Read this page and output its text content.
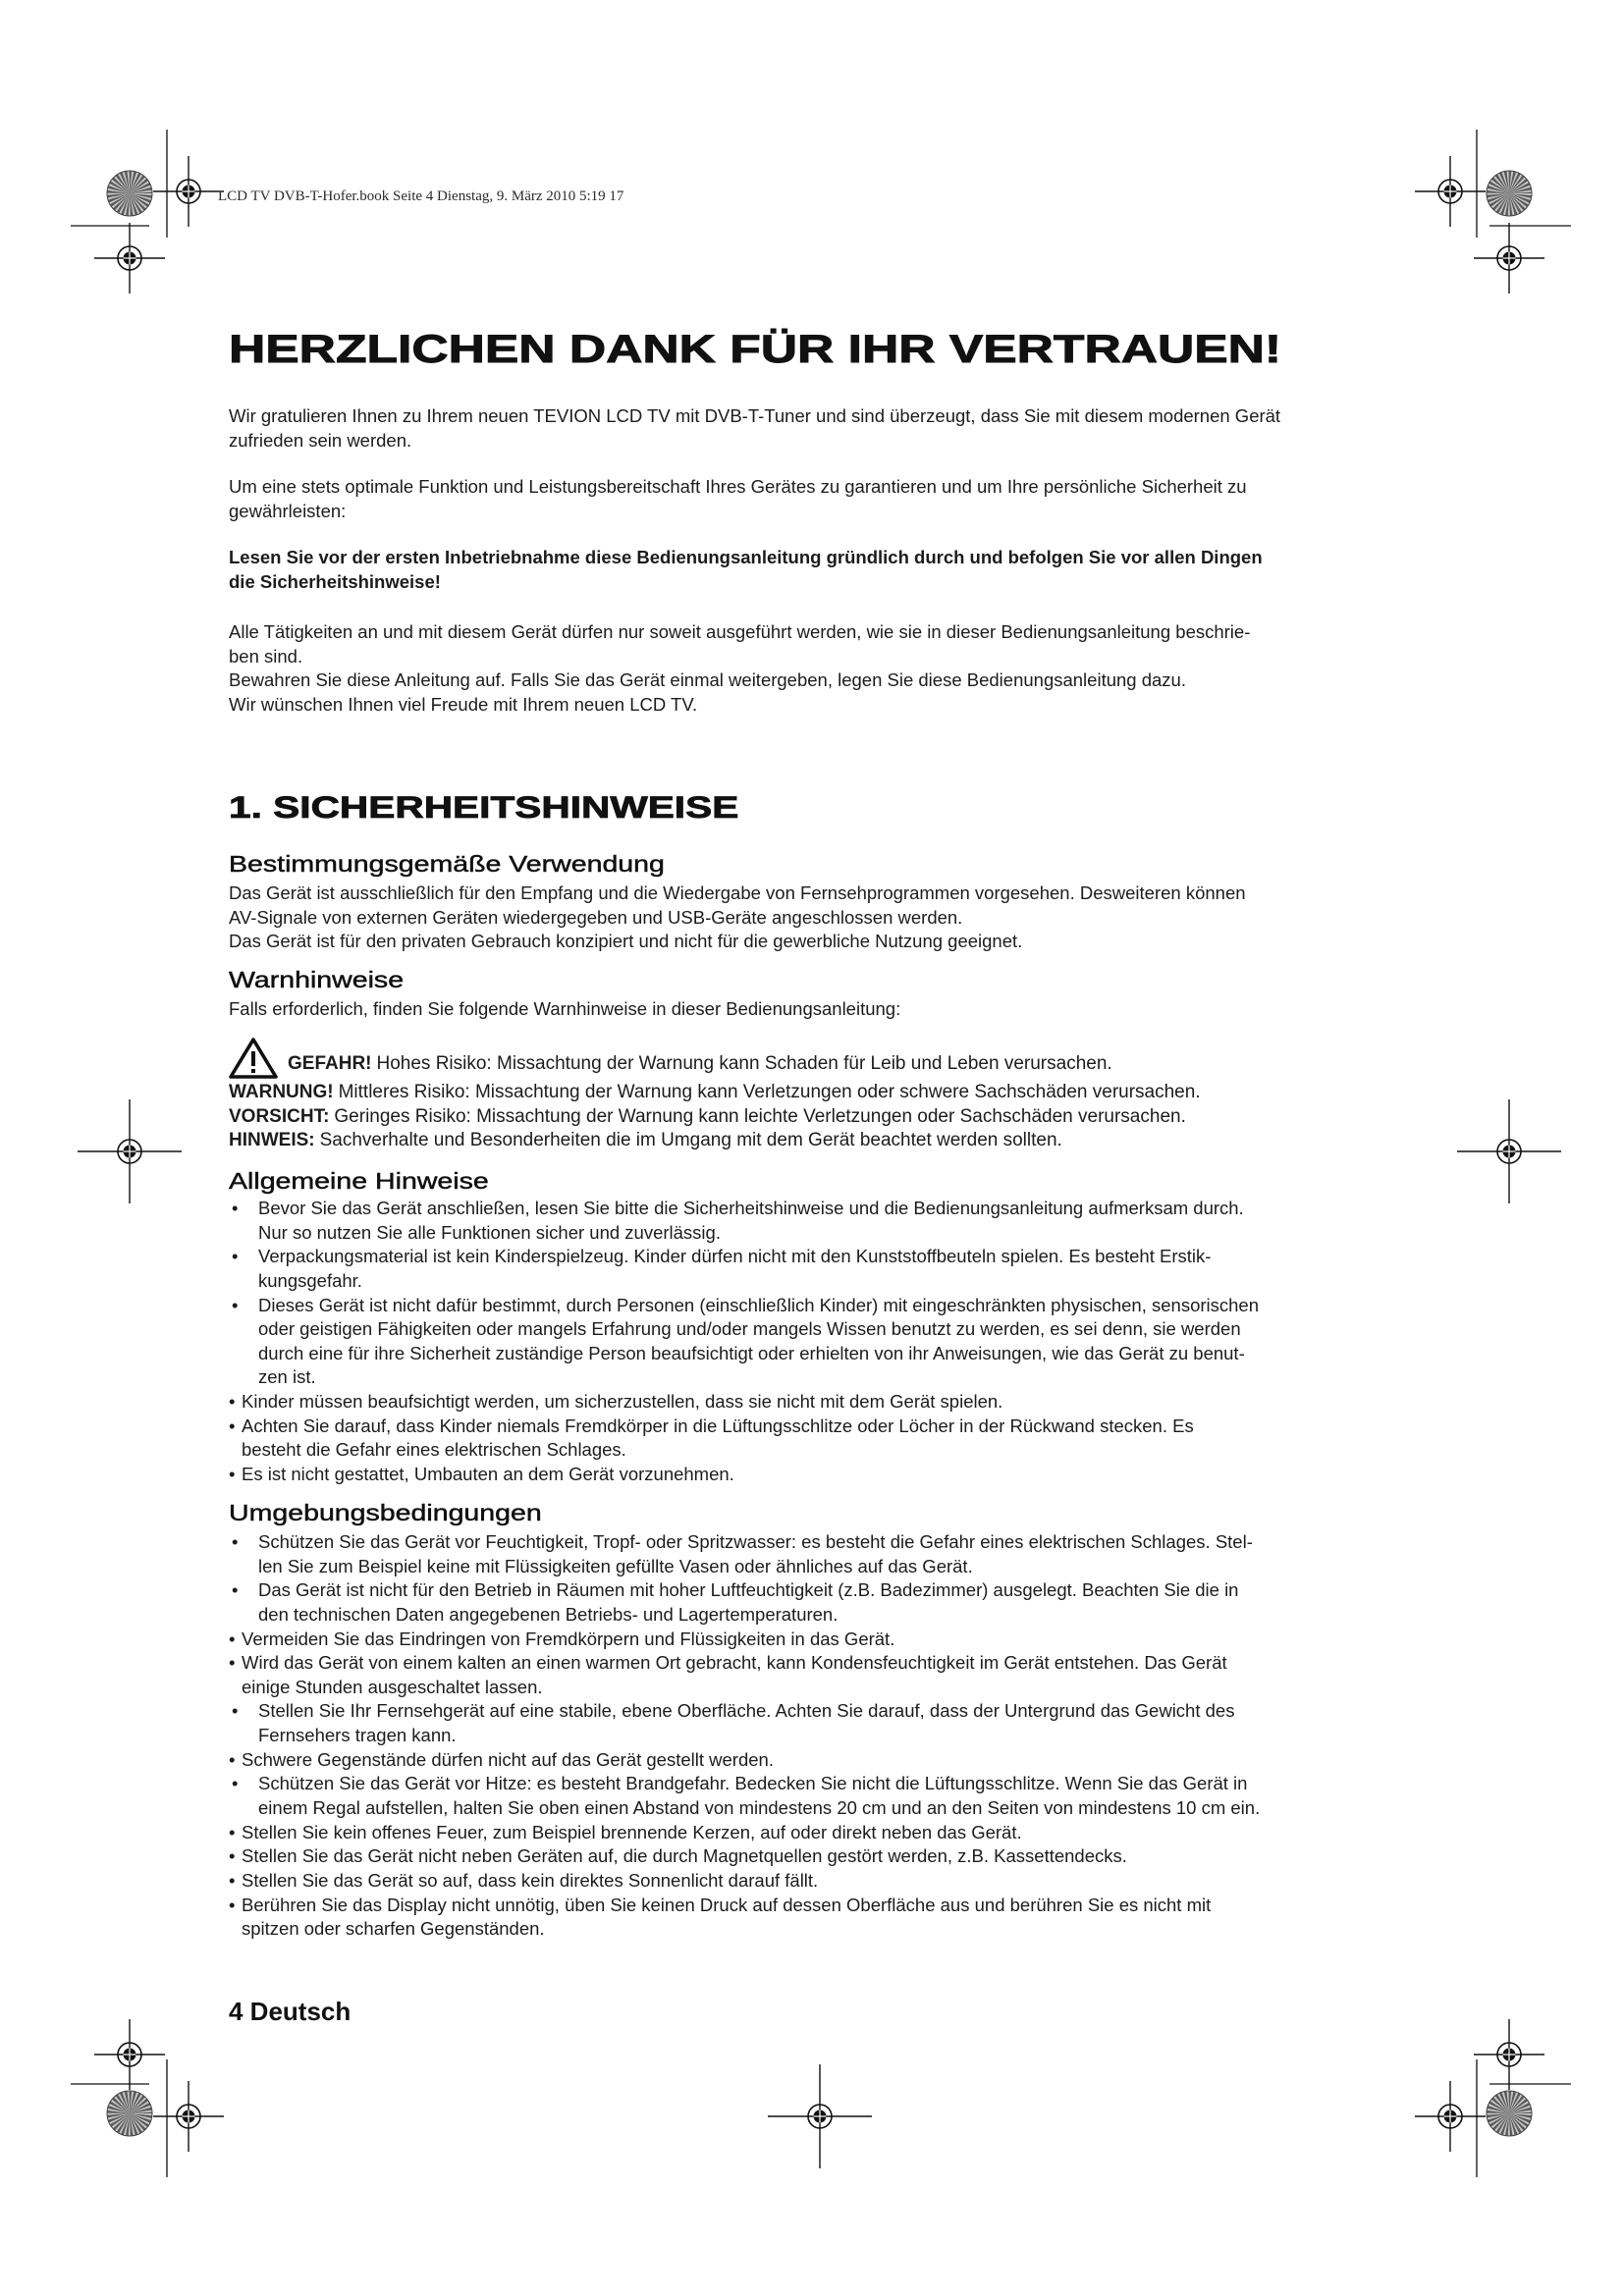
LCD TV DVB-T-Hofer.book Seite 4 Dienstag, 9. März 2010 5:19 17
HERZLICHEN DANK FÜR IHR VERTRAUEN!
Wir gratulieren Ihnen zu Ihrem neuen TEVION LCD TV mit DVB-T-Tuner und sind überzeugt, dass Sie mit diesem modernen Gerät
zufrieden sein werden.
Um eine stets optimale Funktion und Leistungsbereitschaft Ihres Gerätes zu garantieren und um Ihre persönliche Sicherheit zu
gewährleisten:
Lesen Sie vor der ersten Inbetriebnahme diese Bedienungsanleitung gründlich durch und befolgen Sie vor allen Dingen
die Sicherheitshinweise!
Alle Tätigkeiten an und mit diesem Gerät dürfen nur soweit ausgeführt werden, wie sie in dieser Bedienungsanleitung beschrie-
ben sind.
Bewahren Sie diese Anleitung auf. Falls Sie das Gerät einmal weitergeben, legen Sie diese Bedienungsanleitung dazu.
Wir wünschen Ihnen viel Freude mit Ihrem neuen LCD TV.
1. SICHERHEITSHINWEISE
Bestimmungsgemäße Verwendung
Das Gerät ist ausschließlich für den Empfang und die Wiedergabe von Fernsehprogrammen vorgesehen. Desweiteren können
AV-Signale von externen Geräten wiedergegeben und USB-Geräte angeschlossen werden.
Das Gerät ist für den privaten Gebrauch konzipiert und nicht für die gewerbliche Nutzung geeignet.
Warnhinweise
Falls erforderlich, finden Sie folgende Warnhinweise in dieser Bedienungsanleitung:
GEFAHR! Hohes Risiko: Missachtung der Warnung kann Schaden für Leib und Leben verursachen.
WARNUNG! Mittleres Risiko: Missachtung der Warnung kann Verletzungen oder schwere Sachschäden verursachen.
VORSICHT: Geringes Risiko: Missachtung der Warnung kann leichte Verletzungen oder Sachschäden verursachen.
HINWEIS: Sachverhalte und Besonderheiten die im Umgang mit dem Gerät beachtet werden sollten.
Allgemeine Hinweise
• Bevor Sie das Gerät anschließen, lesen Sie bitte die Sicherheitshinweise und die Bedienungsanleitung aufmerksam durch.
Nur so nutzen Sie alle Funktionen sicher und zuverlässig.
• Verpackungsmaterial ist kein Kinderspielzeug. Kinder dürfen nicht mit den Kunststoffbeuteln spielen. Es besteht Erstik-
kungsgefahr.
• Dieses Gerät ist nicht dafür bestimmt, durch Personen (einschließlich Kinder) mit eingeschränkten physischen, sensorischen
oder geistigen Fähigkeiten oder mangels Erfahrung und/oder mangels Wissen benutzt zu werden, es sei denn, sie werden
durch eine für ihre Sicherheit zuständige Person beaufsichtigt oder erhielten von ihr Anweisungen, wie das Gerät zu benut-
zen ist.
• Kinder müssen beaufsichtigt werden, um sicherzustellen, dass sie nicht mit dem Gerät spielen.
• Achten Sie darauf, dass Kinder niemals Fremdkörper in die Lüftungsschlitze oder Löcher in der Rückwand stecken. Es
besteht die Gefahr eines elektrischen Schlages.
• Es ist nicht gestattet, Umbauten an dem Gerät vorzunehmen.
Umgebungsbedingungen
• Schützen Sie das Gerät vor Feuchtigkeit, Tropf- oder Spritzwasser: es besteht die Gefahr eines elektrischen Schlages. Stel-
len Sie zum Beispiel keine mit Flüssigkeiten gefüllte Vasen oder ähnliches auf das Gerät.
• Das Gerät ist nicht für den Betrieb in Räumen mit hoher Luftfeuchtigkeit (z.B. Badezimmer) ausgelegt. Beachten Sie die in
den technischen Daten angegebenen Betriebs- und Lagertemperaturen.
• Vermeiden Sie das Eindringen von Fremdkörpern und Flüssigkeiten in das Gerät.
• Wird das Gerät von einem kalten an einen warmen Ort gebracht, kann Kondensfeuchtigkeit im Gerät entstehen. Das Gerät
einige Stunden ausgeschaltet lassen.
• Stellen Sie Ihr Fernsehgerät auf eine stabile, ebene Oberfläche. Achten Sie darauf, dass der Untergrund das Gewicht des
Fernsehers tragen kann.
• Schwere Gegenstände dürfen nicht auf das Gerät gestellt werden.
• Schützen Sie das Gerät vor Hitze: es besteht Brandgefahr. Bedecken Sie nicht die Lüftungsschlitze. Wenn Sie das Gerät in
einem Regal aufstellen, halten Sie oben einen Abstand von mindestens 20 cm und an den Seiten von mindestens 10 cm ein.
• Stellen Sie kein offenes Feuer, zum Beispiel brennende Kerzen, auf oder direkt neben das Gerät.
• Stellen Sie das Gerät nicht neben Geräten auf, die durch Magnetquellen gestört werden, z.B. Kassettendecks.
• Stellen Sie das Gerät so auf, dass kein direktes Sonnenlicht darauf fällt.
• Berühren Sie das Display nicht unnötig, üben Sie keinen Druck auf dessen Oberfläche aus und berühren Sie es nicht mit
spitzen oder scharfen Gegenständen.
4 Deutsch
